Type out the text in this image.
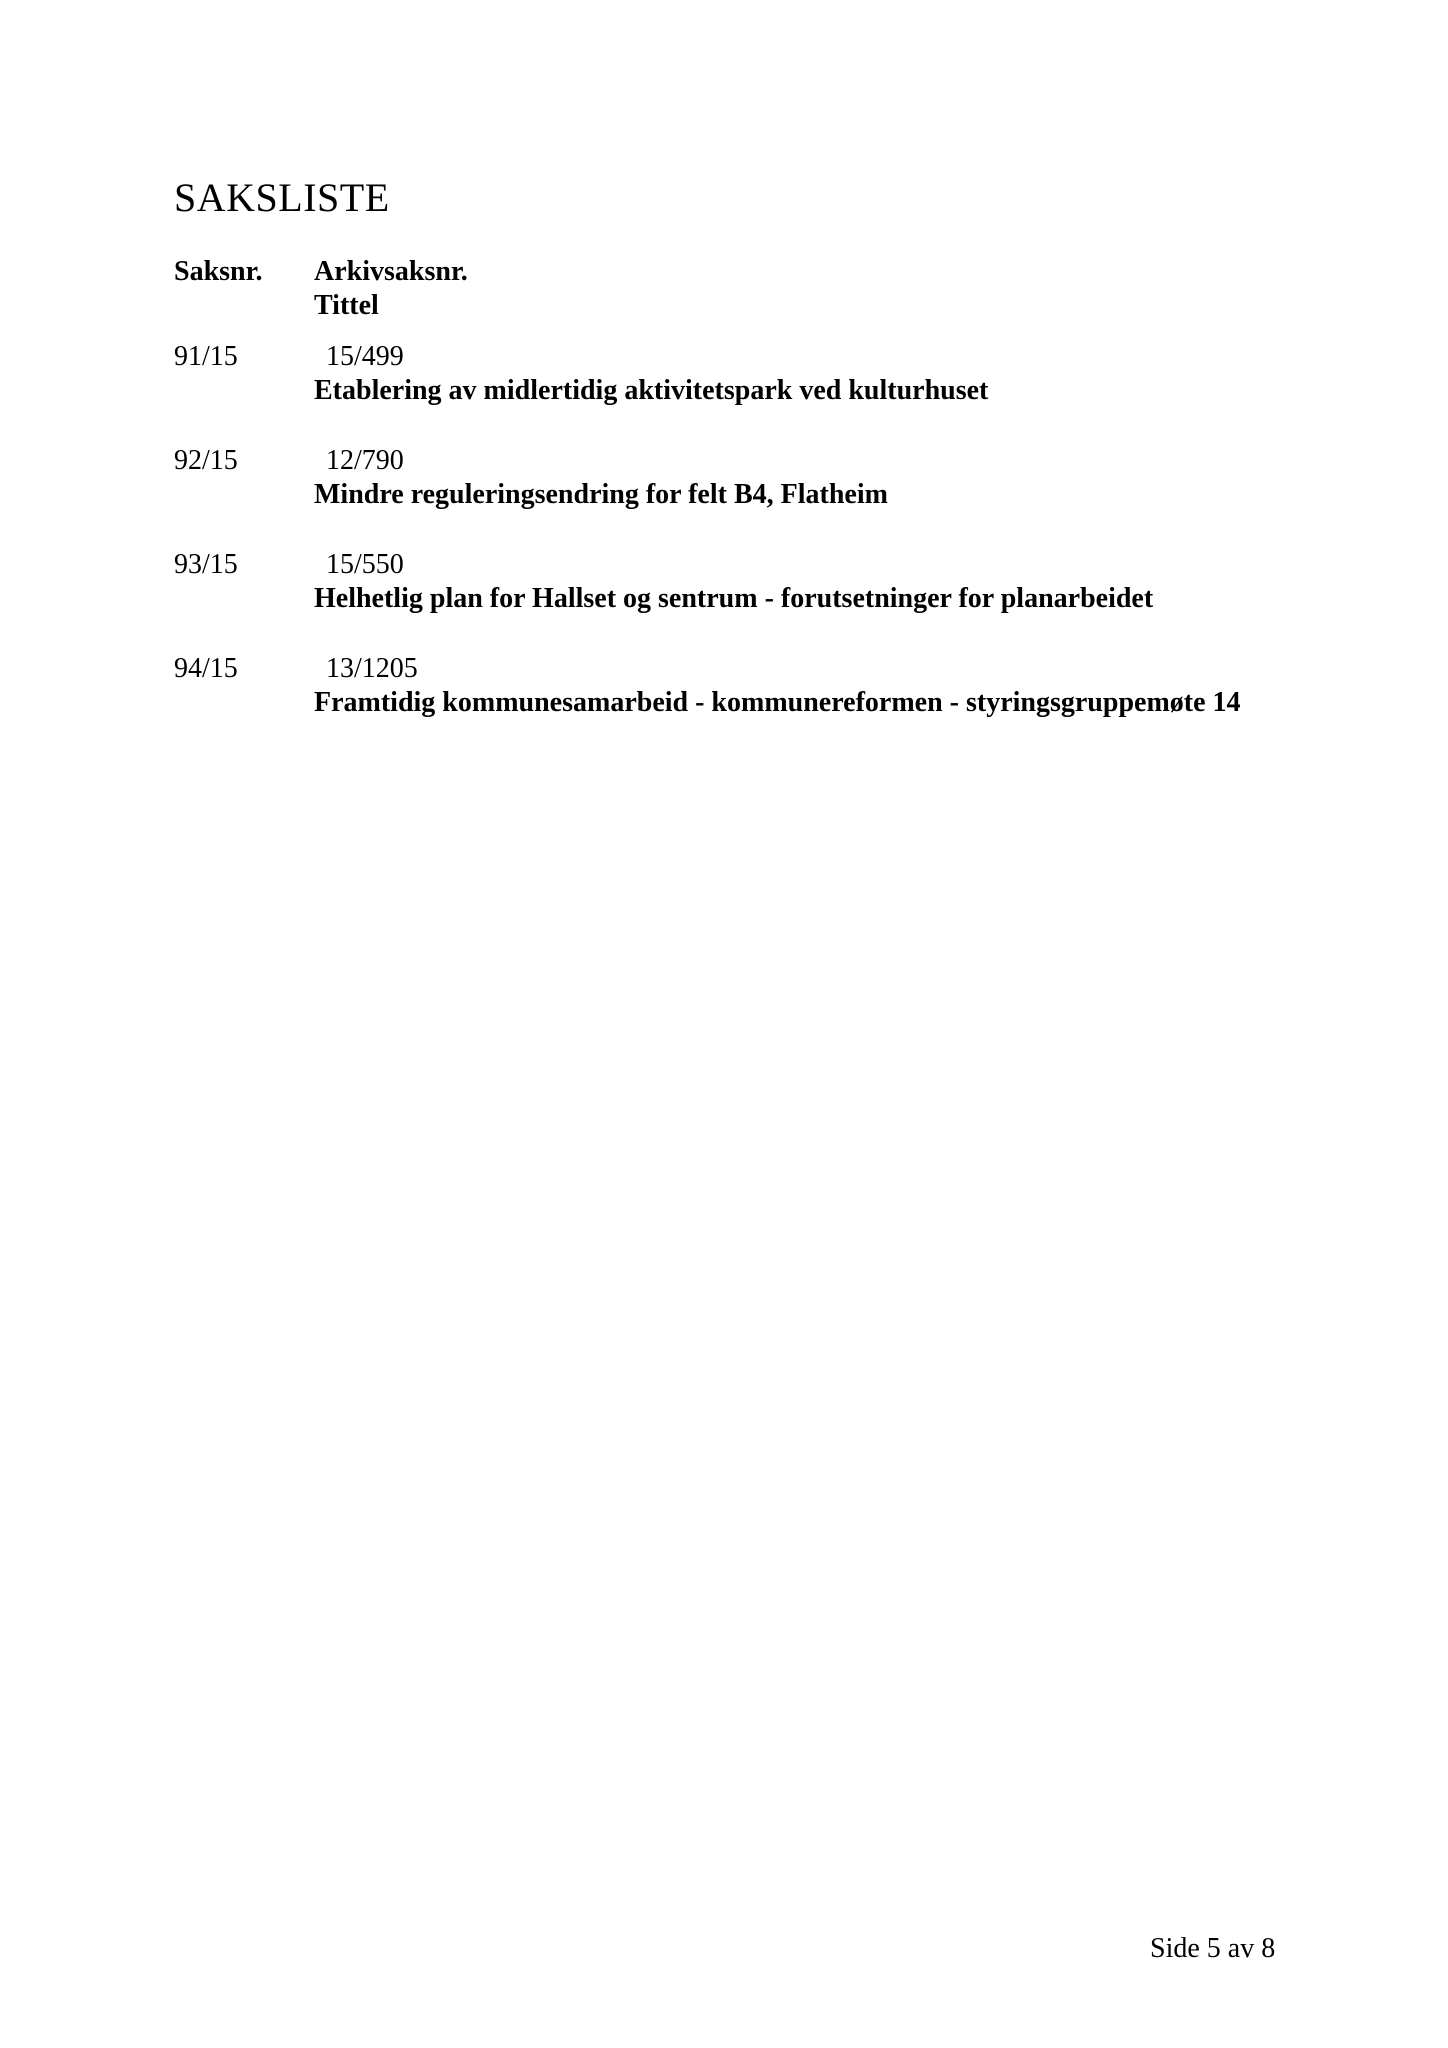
SAKSLISTE
Saksnr. Arkivsaksnr.
Tittel
91/15	15/499
Etablering av midlertidig aktivitetspark ved kulturhuset
92/15	12/790
Mindre reguleringsendring for felt B4, Flatheim
93/15	15/550
Helhetlig plan for Hallset og sentrum - forutsetninger for planarbeidet
94/15	13/1205
Framtidig kommunesamarbeid - kommunereformen - styringsgruppemøte 14
Side 5 av 8
